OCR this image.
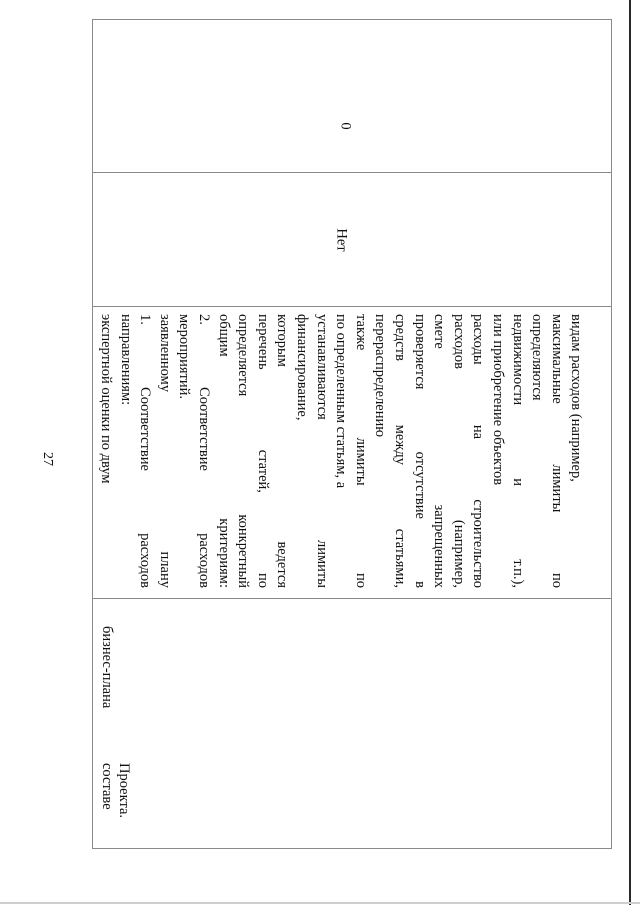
27
составе Проекта.
бизнес-плана
экспертной оценки по двум направлениям: 1.
Соответствие
расходов
заявленному
плану
мероприятий. 2.
Соответствие
расходов
общим
критериям:
определяется
конкретный
перечень
статей,
по
которым
ведется
финансирование, устанавливаются
лимиты
по определенным статьям, а также
лимиты
по
перераспределению средств
между
статьями,
проверяется
отсутствие
в
смете
запрещенных
расходов
(например,
расходы
на
строительство
или приобретение объектов недвижимости
и
т.п.),
определяются максимальные
лимиты
по
видам расходов (например,
Нет
0
